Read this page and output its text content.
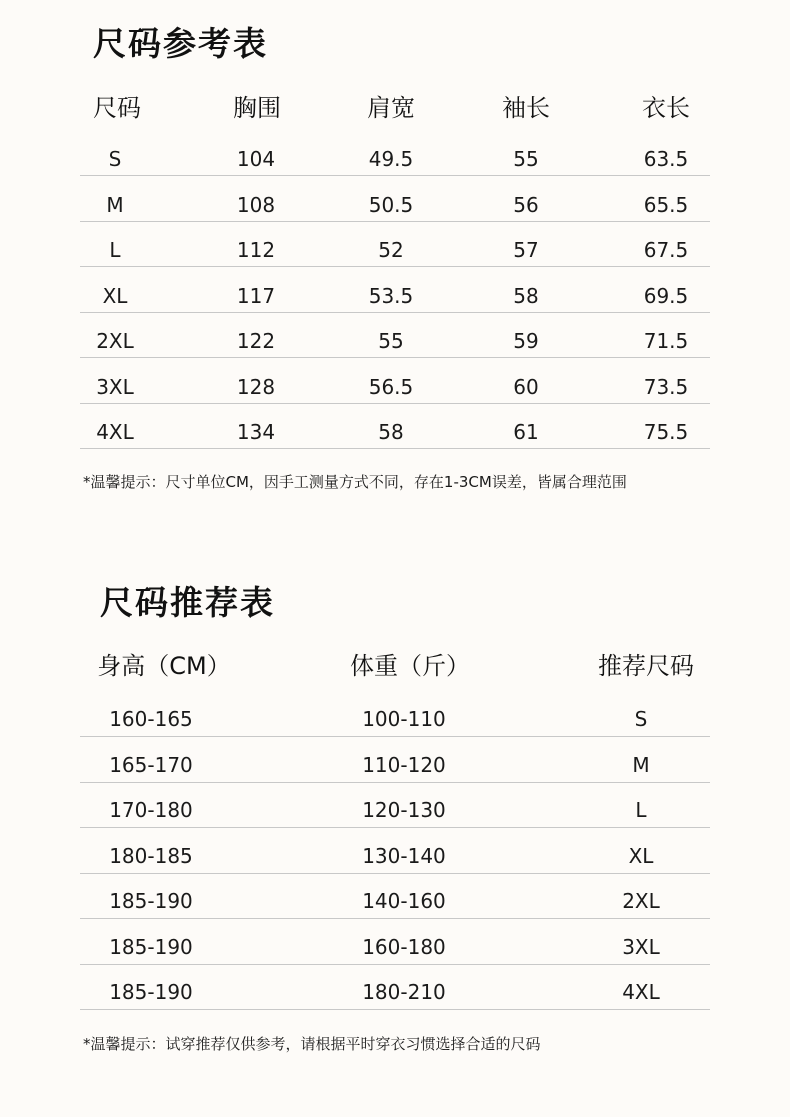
尺码参考表
尺码	胸围	肩宽	袖长	衣长
S	104	49.5	55	63.5
M	108	50.5	56	65.5
L	112	52	57	67.5
XL	117	53.5	58	69.5
2XL	122	55	59	71.5
3XL	128	56.5	60	73.5
4XL	134	58	61	75.5
*温馨提示：尺寸单位CM，因手工测量方式不同，存在1-3CM误差，皆属合理范围
尺码推荐表
身高（CM）	体重（斤）	推荐尺码
160-165	100-110	S
165-170	110-120	M
170-180	120-130	L
180-185	130-140	XL
185-190	140-160	2XL
185-190	160-180	3XL
185-190	180-210	4XL
*温馨提示：试穿推荐仅供参考，请根据平时穿衣习惯选择合适的尺码
